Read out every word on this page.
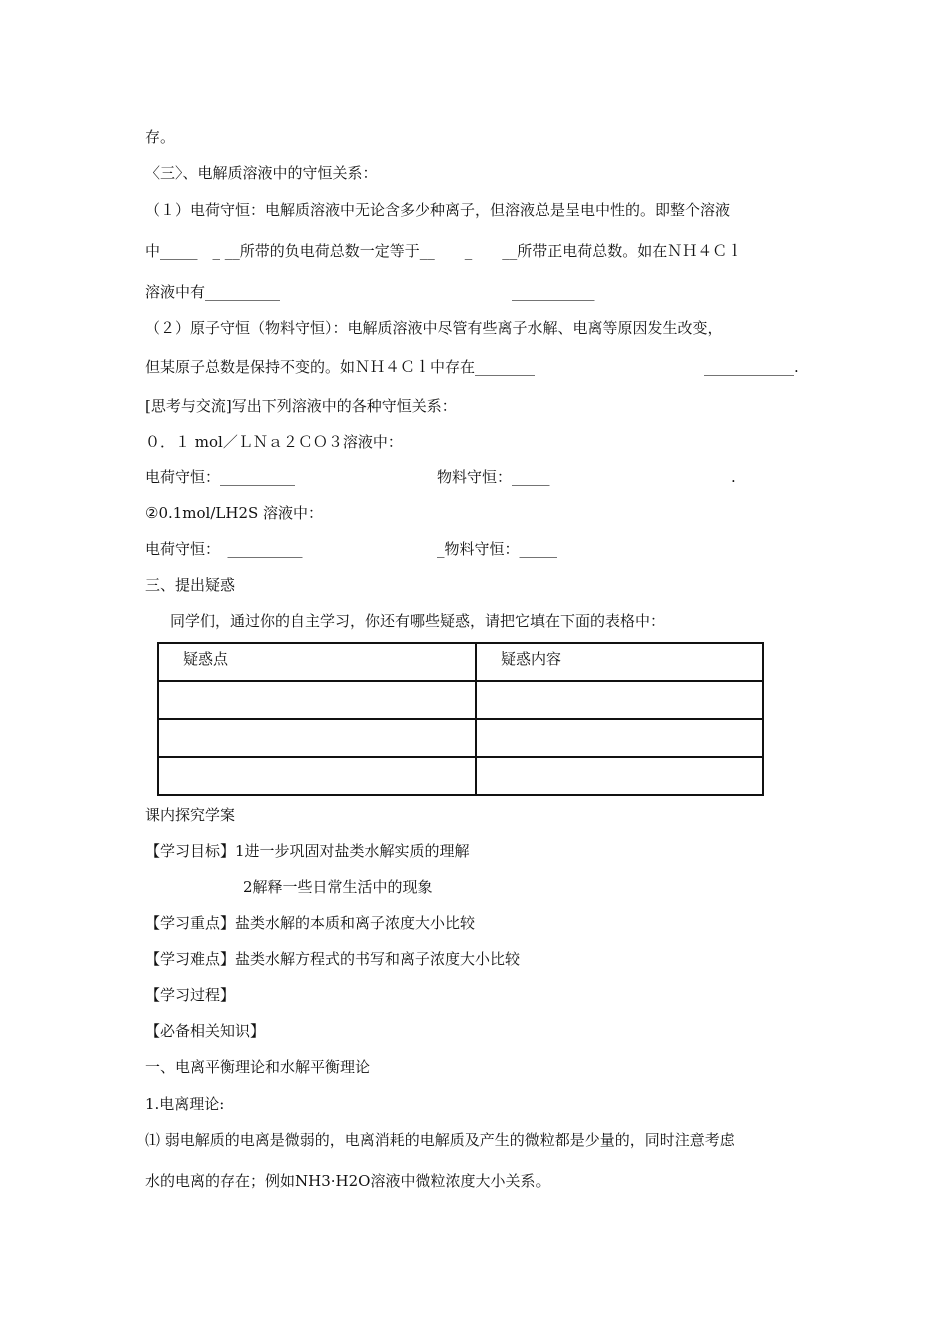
存。
〈三〉、电解质溶液中的守恒关系：
（１）电荷守恒：电解质溶液中无论含多少种离子，但溶液总是呈电中性的。即整个溶液
中_____　_ __所带的负电荷总数一定等于__　　_　　__所带正电荷总数。如在ＮＨ４Ｃｌ
溶液中有__________	___________
（２）原子守恒（物料守恒）：电解质溶液中尽管有些离子水解、电离等原因发生改变，
但某原子总数是保持不变的。如ＮＨ４Ｃｌ中存在________	____________.
[思考与交流]写出下列溶液中的各种守恒关系：
０．１ mol／ＬＮａ２ＣＯ３溶液中：
电荷守恒：__________	物料守恒：_____	.
②0.1mol/LH2S 溶液中：
电荷守恒：　__________	_物料守恒：_____
三、提出疑惑
同学们，通过你的自主学习，你还有哪些疑惑，请把它填在下面的表格中：
疑惑点	疑惑内容

课内探究学案
【学习目标】1进一步巩固对盐类水解实质的理解
2解释一些日常生活中的现象
【学习重点】盐类水解的本质和离子浓度大小比较
【学习难点】盐类水解方程式的书写和离子浓度大小比较
【学习过程】
【必备相关知识】
一、电离平衡理论和水解平衡理论
1.电离理论:
⑴ 弱电解质的电离是微弱的，电离消耗的电解质及产生的微粒都是少量的，同时注意考虑
水的电离的存在；例如NH3·H2O溶液中微粒浓度大小关系。
